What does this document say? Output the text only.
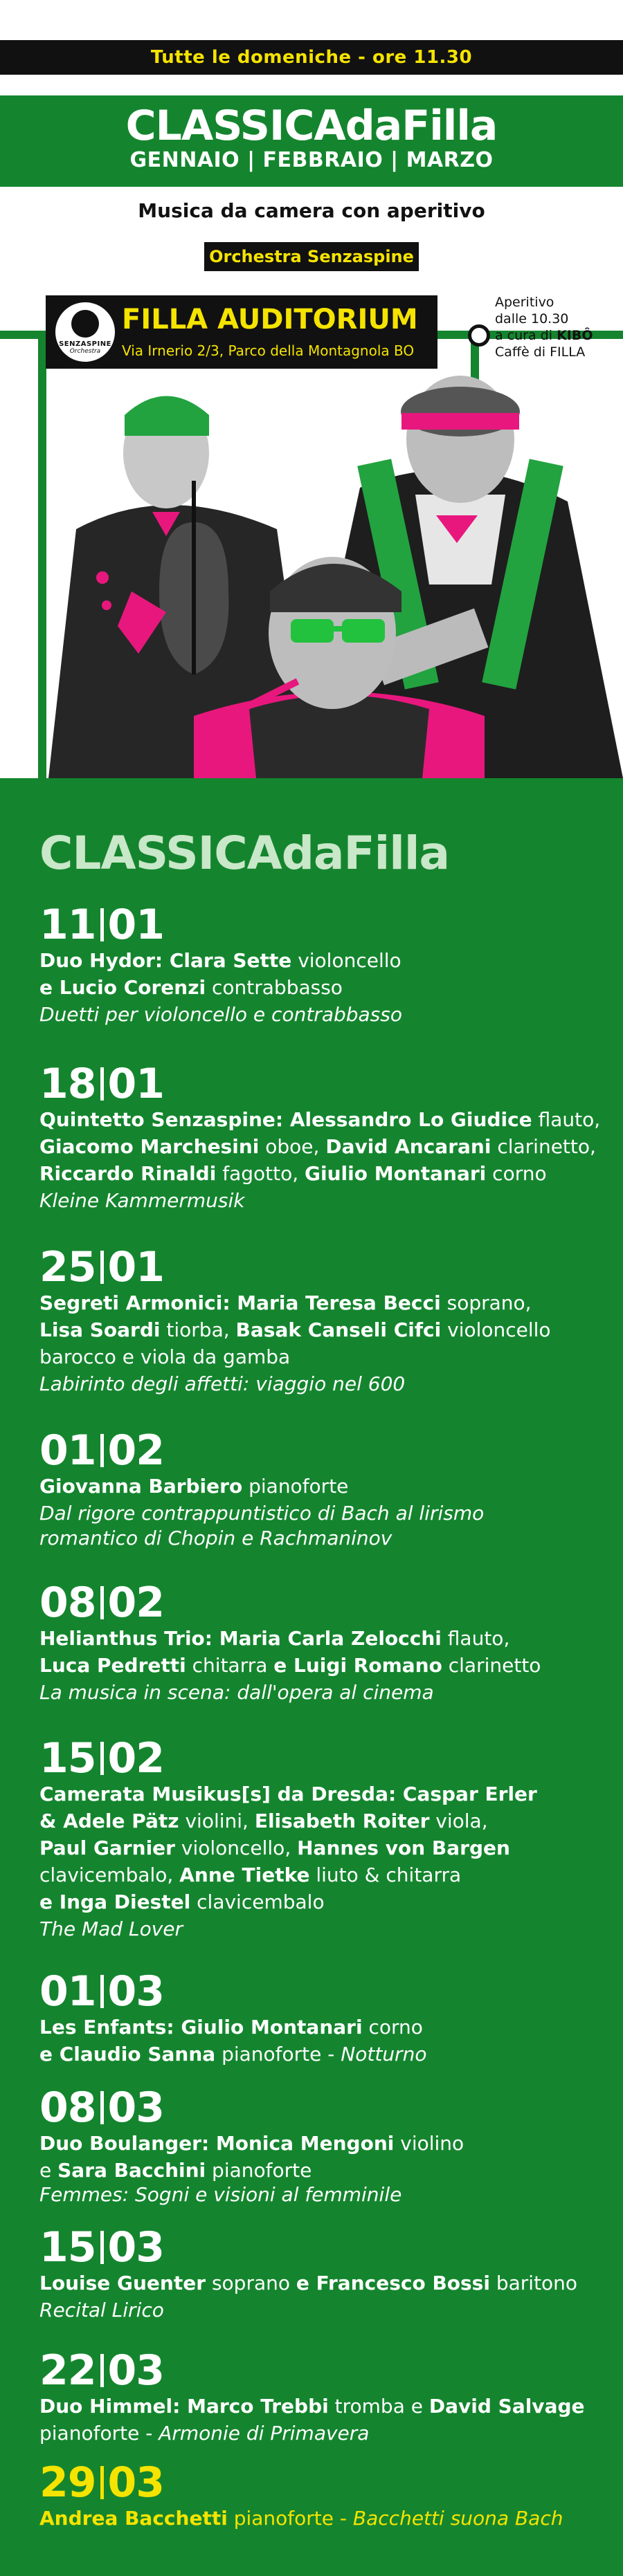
Tutte le domeniche - ore 11.30
CLASSICAdaFilla
GENNAIO | FEBBRAIO | MARZO
Musica da camera con aperitivo
Orchestra Senzaspine
SENZASPINE
Orchestra
FILLA AUDITORIUM
Via Irnerio 2/3, Parco della Montagnola BO
Aperitivo
dalle 10.30
a cura di KIBÔ
Caffè di FILLA
CLASSICAdaFilla
11 01
Duo Hydor: Clara Sette violoncello
e Lucio Corenzi contrabbasso
Duetti per violoncello e contrabbasso
18 01
Quintetto Senzaspine: Alessandro Lo Giudice flauto,
Giacomo Marchesini oboe, David Ancarani clarinetto,
Riccardo Rinaldi fagotto, Giulio Montanari corno
Kleine Kammermusik
25 01
Segreti Armonici: Maria Teresa Becci soprano,
Lisa Soardi tiorba, Basak Canseli Cifci violoncello
barocco e viola da gamba
Labirinto degli affetti: viaggio nel 600
01 02
Giovanna Barbiero pianoforte
Dal rigore contrappuntistico di Bach al lirismo
romantico di Chopin e Rachmaninov
08 02
Helianthus Trio: Maria Carla Zelocchi flauto,
Luca Pedretti chitarra e Luigi Romano clarinetto
La musica in scena: dall'opera al cinema
15 02
Camerata Musikus[s] da Dresda: Caspar Erler
& Adele Pätz violini, Elisabeth Roiter viola,
Paul Garnier violoncello, Hannes von Bargen
clavicembalo, Anne Tietke liuto & chitarra
e Inga Diestel clavicembalo
The Mad Lover
01 03
Les Enfants: Giulio Montanari corno
e Claudio Sanna pianoforte - Notturno
08 03
Duo Boulanger: Monica Mengoni violino
e Sara Bacchini pianoforte
Femmes: Sogni e visioni al femminile
15 03
Louise Guenter soprano e Francesco Bossi baritono
Recital Lirico
22 03
Duo Himmel: Marco Trebbi tromba e David Salvage
pianoforte - Armonie di Primavera
29 03
Andrea Bacchetti pianoforte - Bacchetti suona Bach
